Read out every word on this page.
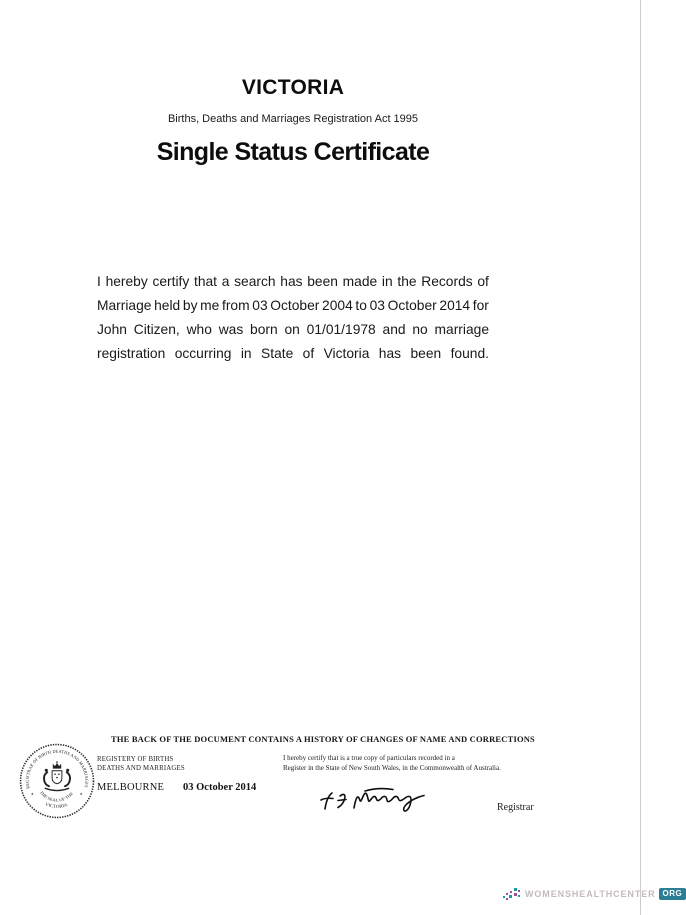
VICTORIA
Births, Deaths and Marriages Registration Act 1995
Single Status Certificate
I hereby certify that a search has been made in the Records of
Marriage held by me from 03 October 2004 to 03 October 2014 for
John Citizen, who was born on 01/01/1978 and no marriage
registration occurring in State of Victoria has been found.
THE BACK OF THE DOCUMENT CONTAINS A HISTORY OF CHANGES OF NAME AND CORRECTIONS
REGISTRAR OF BIRTH DEATHS AND MARRIAGES
THE SEAL OF THE
VICTORIA
✶	✶
REGISTERY OF BIRTHS
DEATHS AND MARRIAGES
I hereby certify that is a true copy of particulars recorded in a
Register in the State of New South Wales, in the Commonwealth of Australia.
MELBOURNE 03 October 2014
Registrar
WOMENSHEALTHCENTER ORG
